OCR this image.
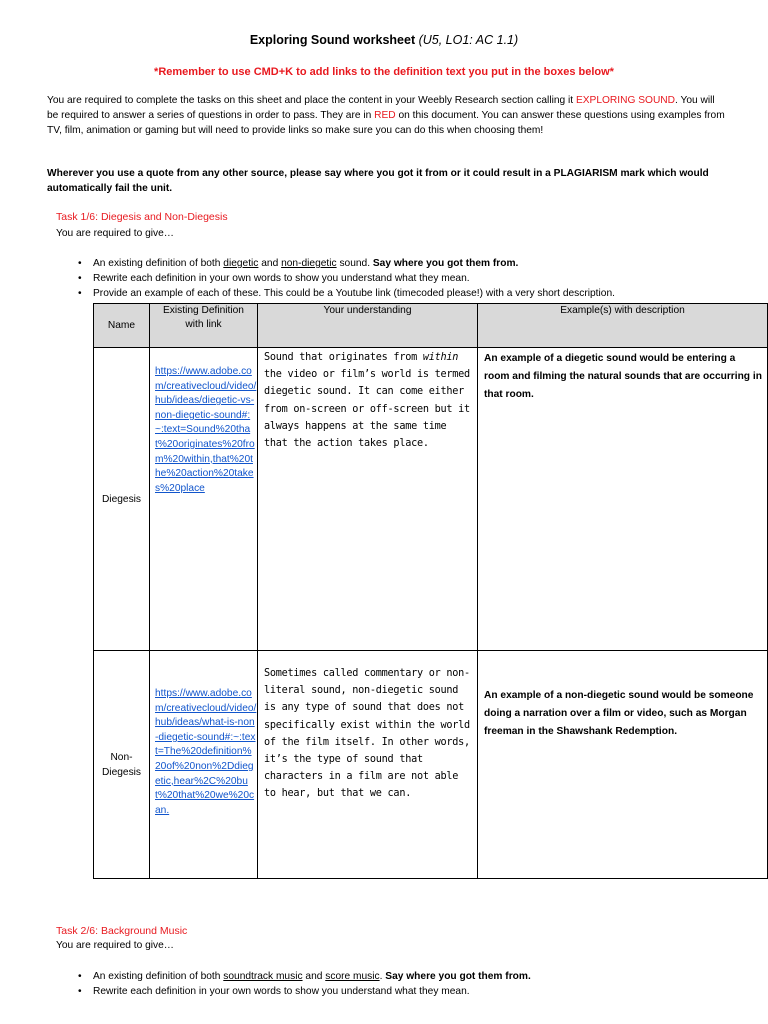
Exploring Sound worksheet (U5, LO1: AC 1.1)
*Remember to use CMD+K to add links to the definition text you put in the boxes below*
You are required to complete the tasks on this sheet and place the content in your Weebly Research section calling it EXPLORING SOUND. You will be required to answer a series of questions in order to pass. They are in RED on this document. You can answer these questions using examples from TV, film, animation or gaming but will need to provide links so make sure you can do this when choosing them!
Wherever you use a quote from any other source, please say where you got it from or it could result in a PLAGIARISM mark which would automatically fail the unit.
Task 1/6: Diegesis and Non-Diegesis
You are required to give…
• An existing definition of both diegetic and non-diegetic sound. Say where you got them from.
• Rewrite each definition in your own words to show you understand what they mean.
• Provide an example of each of these. This could be a Youtube link (timecoded please!) with a very short description.
Name	Existing Definition with link	Your understanding	Example(s) with description
Diegesis	https://www.adobe.com/creativecloud/video/hub/ideas/diegetic-vs-non-diegetic-sound#:~:text=Sound%20that%20originates%20from%20within,that%20the%20action%20takes%20place	Sound that originates from within the video or film’s world is termed diegetic sound. It can come either from on-screen or off-screen but it always happens at the same time that the action takes place.	An example of a diegetic sound would be entering a room and filming the natural sounds that are occurring in that room.
Non-Diegesis	https://www.adobe.com/creativecloud/video/hub/ideas/what-is-non-diegetic-sound#:~:text=The%20definition%20of%20non%2Ddiegetic,hear%2C%20but%20that%20we%20can.	Sometimes called commentary or non-literal sound, non-diegetic sound is any type of sound that does not specifically exist within the world of the film itself. In other words, it’s the type of sound that characters in a film are not able to hear, but that we can.	An example of a non-diegetic sound would be someone doing a narration over a film or video, such as Morgan freeman in the Shawshank Redemption.
Task 2/6: Background Music
You are required to give…
• An existing definition of both soundtrack music and score music. Say where you got them from.
• Rewrite each definition in your own words to show you understand what they mean.
